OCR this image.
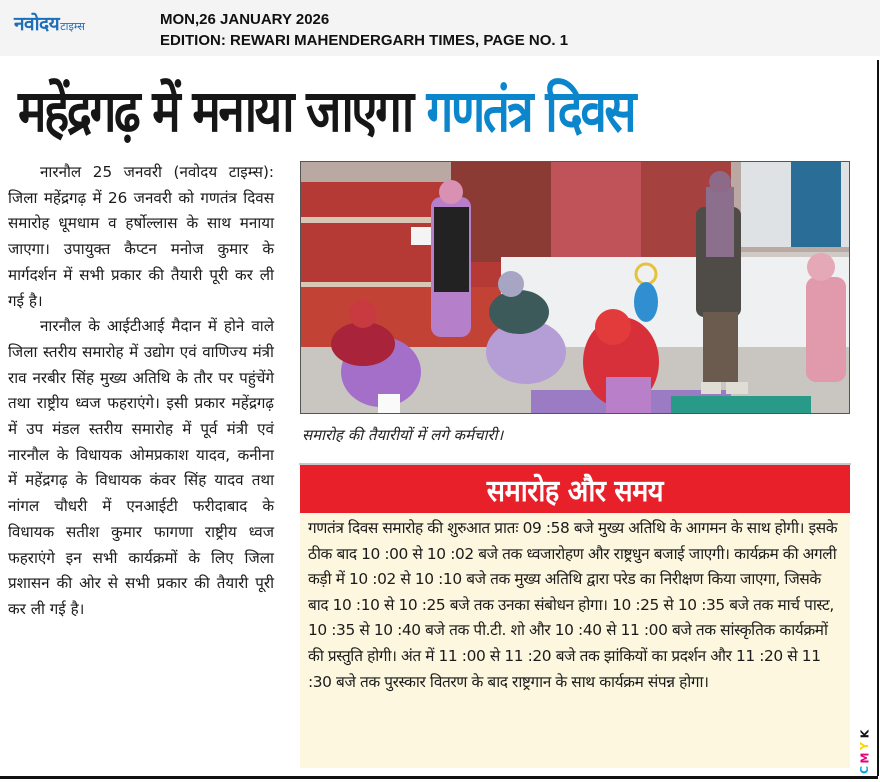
नवोदय टाइम्स	MON,26 JANUARY 2026
EDITION: REWARI MAHENDERGARH TIMES, PAGE NO. 1
महेंद्रगढ़ में मनाया जाएगा गणतंत्र दिवस

नारनौल 25 जनवरी (नवोदय टाइम्स): जिला महेंद्रगढ़ में 26 जनवरी को गणतंत्र दिवस समारोह धूमधाम व हर्षोल्लास के साथ मनाया जाएगा। उपायुक्त कैप्टन मनोज कुमार के मार्गदर्शन में सभी प्रकार की तैयारी पूरी कर ली गई है।

नारनौल के आईटीआई मैदान में होने वाले जिला स्तरीय समारोह में उद्योग एवं वाणिज्य मंत्री राव नरबीर सिंह मुख्य अतिथि के तौर पर पहुंचेंगे तथा राष्ट्रीय ध्वज फहराएंगे। इसी प्रकार महेंद्रगढ़ में उप मंडल स्तरीय समारोह में पूर्व मंत्री एवं नारनौल के विधायक ओमप्रकाश यादव, कनीना में महेंद्रगढ़ के विधायक कंवर सिंह यादव तथा नांगल चौधरी में एनआईटी फरीदाबाद के विधायक सतीश कुमार फागणा राष्ट्रीय ध्वज फहराएंगे इन सभी कार्यक्रमों के लिए जिला प्रशासन की ओर से सभी प्रकार की तैयारी पूरी कर ली गई है।

समारोह की तैयारीयों में लगे कर्मचारी।
समारोह और समय
गणतंत्र दिवस समारोह की शुरुआत प्रातः 09 :58 बजे मुख्य अतिथि के आगमन के साथ होगी। इसके ठीक बाद 10 :00 से 10 :02 बजे तक ध्वजारोहण और राष्ट्रधुन बजाई जाएगी। कार्यक्रम की अगली कड़ी में 10 :02 से 10 :10 बजे तक मुख्य अतिथि द्वारा परेड का निरीक्षण किया जाएगा, जिसके बाद 10 :10 से 10 :25 बजे तक उनका संबोधन होगा। 10 :25 से 10 :35 बजे तक मार्च पास्ट, 10 :35 से 10 :40 बजे तक पी.टी. शो और 10 :40 से 11 :00 बजे तक सांस्कृतिक कार्यक्रमों की प्रस्तुति होगी। अंत में 11 :00 से 11 :20 बजे तक झांकियों का प्रदर्शन और 11 :20 से 11 :30 बजे तक पुरस्कार वितरण के बाद राष्ट्रगान के साथ कार्यक्रम संपन्न होगा।
C
M
Y
K
